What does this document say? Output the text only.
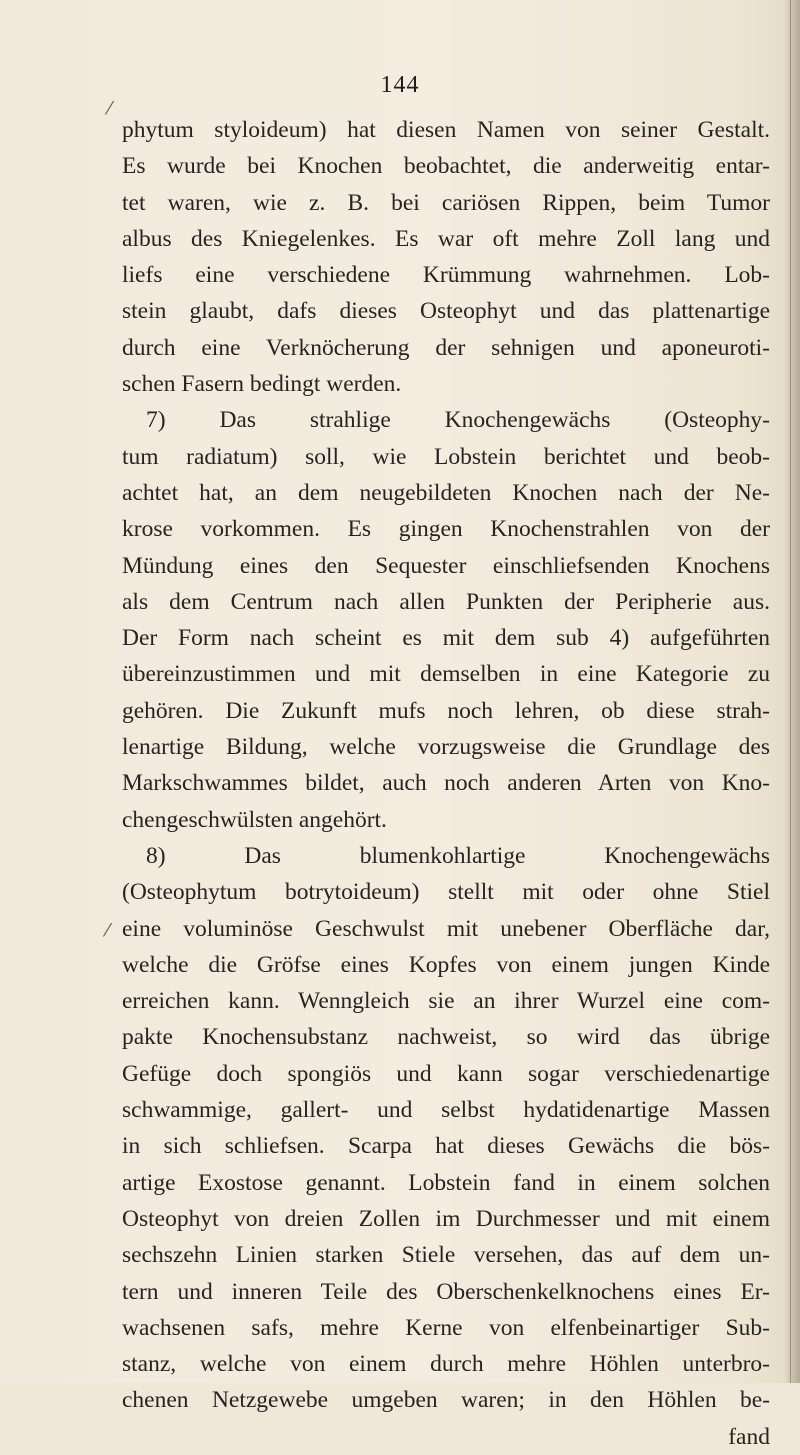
144
phytum styloideum) hat diesen Namen von seiner Gestalt.
Es wurde bei Knochen beobachtet, die anderweitig entar-
tet waren, wie z. B. bei cariösen Rippen, beim Tumor
albus des Kniegelenkes. Es war oft mehre Zoll lang und
liefs eine verschiedene Krümmung wahrnehmen. Lob-
stein glaubt, dafs dieses Osteophyt und das plattenartige
durch eine Verknöcherung der sehnigen und aponeuroti-
schen Fasern bedingt werden.
7) Das strahlige Knochengewächs (Osteophy-
tum radiatum) soll, wie Lobstein berichtet und beob-
achtet hat, an dem neugebildeten Knochen nach der Ne-
krose vorkommen. Es gingen Knochenstrahlen von der
Mündung eines den Sequester einschliefsenden Knochens
als dem Centrum nach allen Punkten der Peripherie aus.
Der Form nach scheint es mit dem sub 4) aufgeführten
übereinzustimmen und mit demselben in eine Kategorie zu
gehören. Die Zukunft mufs noch lehren, ob diese strah-
lenartige Bildung, welche vorzugsweise die Grundlage des
Markschwammes bildet, auch noch anderen Arten von Kno-
chengeschwülsten angehört.
8) Das blumenkohlartige Knochengewächs
(Osteophytum botrytoideum) stellt mit oder ohne Stiel
eine voluminöse Geschwulst mit unebener Oberfläche dar,
welche die Gröfse eines Kopfes von einem jungen Kinde
erreichen kann. Wenngleich sie an ihrer Wurzel eine com-
pakte Knochensubstanz nachweist, so wird das übrige
Gefüge doch spongiös und kann sogar verschiedenartige
schwammige, gallert- und selbst hydatidenartige Massen
in sich schliefsen. Scarpa hat dieses Gewächs die bös-
artige Exostose genannt. Lobstein fand in einem solchen
Osteophyt von dreien Zollen im Durchmesser und mit einem
sechszehn Linien starken Stiele versehen, das auf dem un-
tern und inneren Teile des Oberschenkelknochens eines Er-
wachsenen safs, mehre Kerne von elfenbeinartiger Sub-
stanz, welche von einem durch mehre Höhlen unterbro-
chenen Netzgewebe umgeben waren; in den Höhlen be-
fand
⁄
⁄
